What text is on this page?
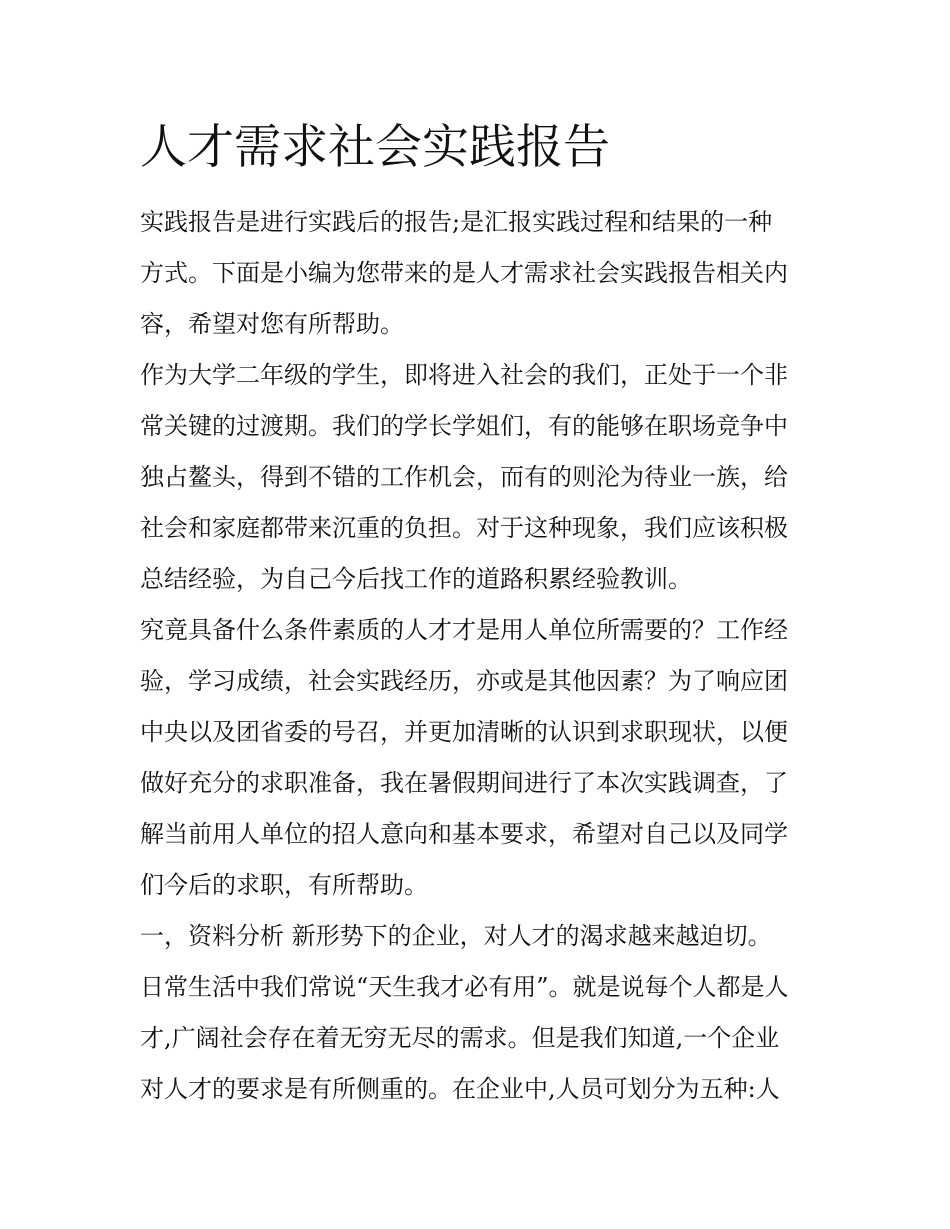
人才需求社会实践报告
实践报告是进行实践后的报告;是汇报实践过程和结果的一种
方式。下面是小编为您带来的是人才需求社会实践报告相关内
容，希望对您有所帮助。
作为大学二年级的学生，即将进入社会的我们，正处于一个非
常关键的过渡期。我们的学长学姐们，有的能够在职场竞争中
独占鳌头，得到不错的工作机会，而有的则沦为待业一族，给
社会和家庭都带来沉重的负担。对于这种现象，我们应该积极
总结经验，为自己今后找工作的道路积累经验教训。
究竟具备什么条件素质的人才才是用人单位所需要的？工作经
验，学习成绩，社会实践经历，亦或是其他因素？为了响应团
中央以及团省委的号召，并更加清晰的认识到求职现状，以便
做好充分的求职准备，我在暑假期间进行了本次实践调查，了
解当前用人单位的招人意向和基本要求，希望对自己以及同学
们今后的求职，有所帮助。
一，资料分析 新形势下的企业，对人才的渴求越来越迫切。
日常生活中我们常说“天生我才必有用”。就是说每个人都是人
才,广阔社会存在着无穷无尽的需求。但是我们知道,一个企业
对人才的要求是有所侧重的。在企业中,人员可划分为五种:人
